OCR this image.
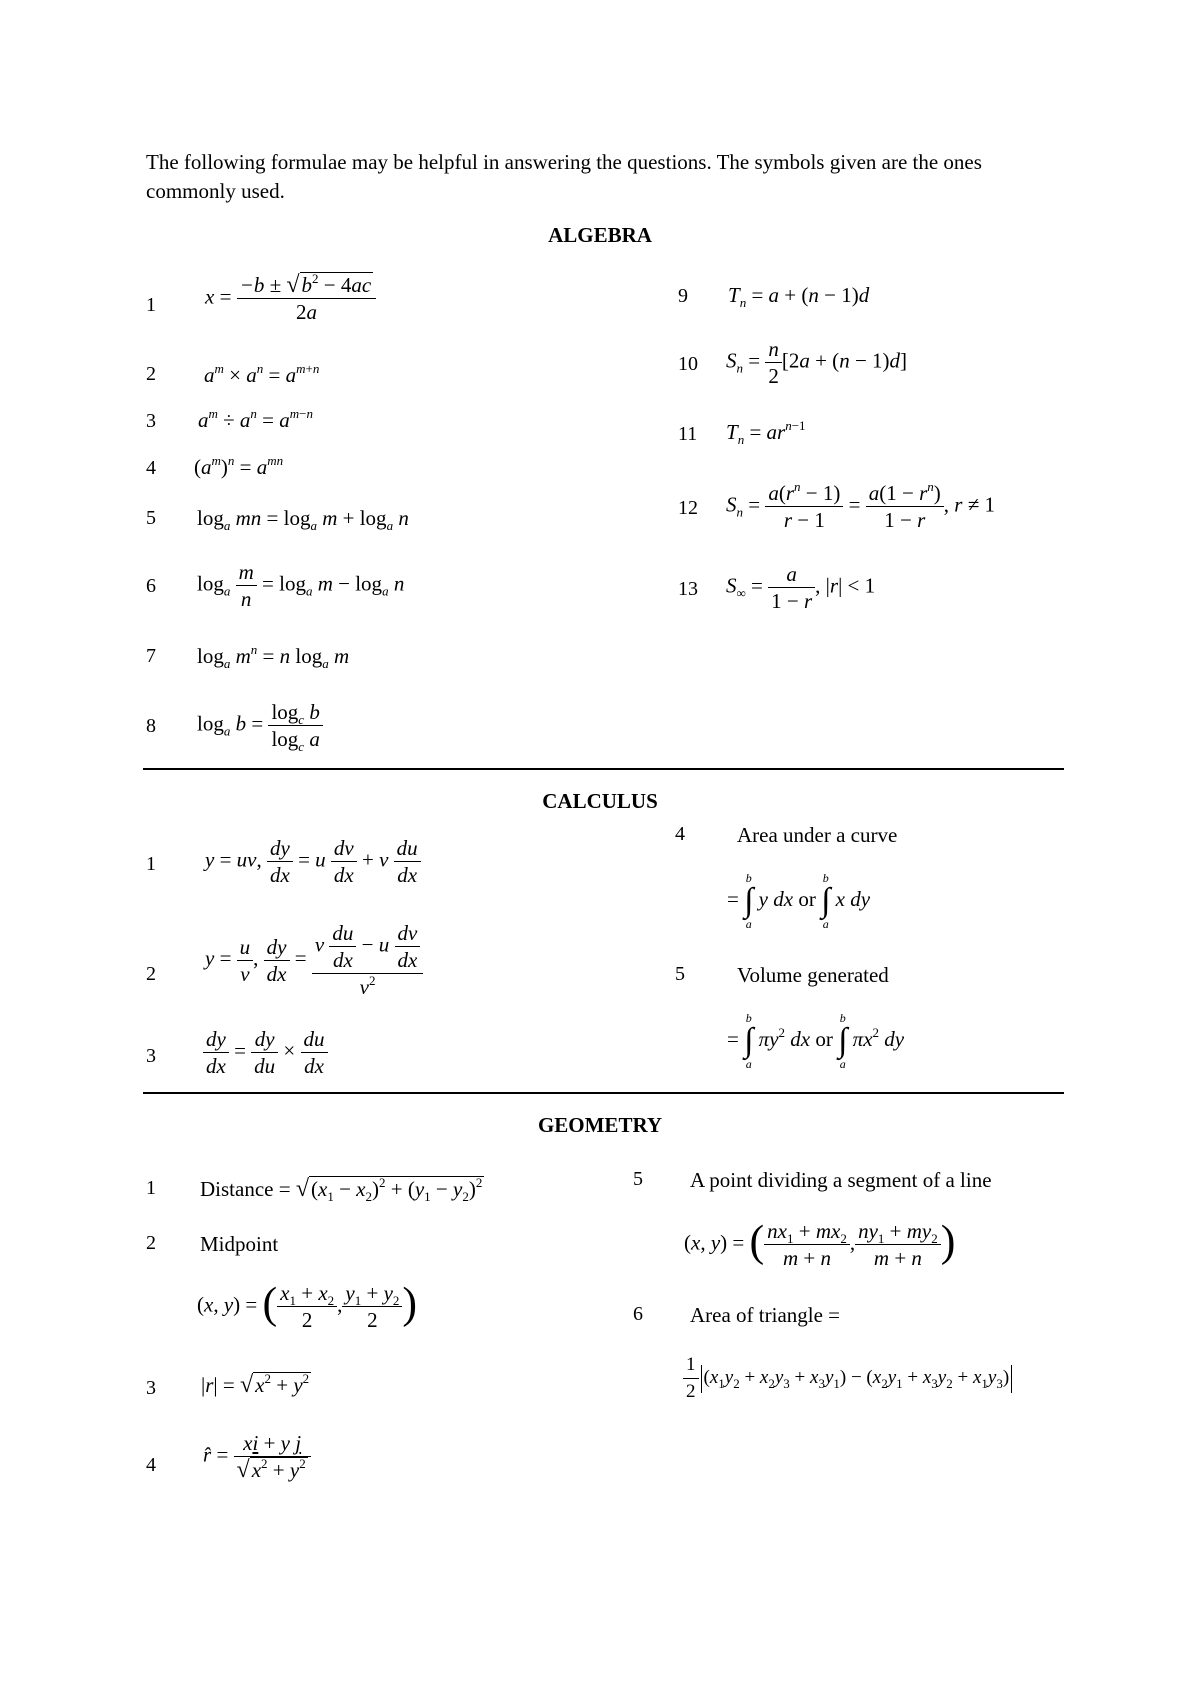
The following formulae may be helpful in answering the questions. The symbols given are the ones commonly used.
ALGEBRA
1 $x = \frac{-b \pm √b^2 - 4ac}{2a}$
2 $a^m \times a^n = a^{m+n}$
3 $a^m \div a^n = a^{m-n}$
4 $(a^m)^n = a^{mn}$
5 $\log_a$ mn = $\log_a m + \log_a n$
6 $\log_a \frac{m}{n} = \log_a m - \log_a n$
7 $\log_a m^n = n$ $\log_a m$
8 $\log_a b = \frac{\log_c b}{\log_c a}$
9 $T_n = a + (n - 1)d$
10 $S_n = \frac{n}{2} [2a + (n - 1)d]$
11 $T_n = ar^{n-1}$
12 $S_n = \frac{a(r^n - 1)}{r - 1} = \frac{a(1 - r^n)}{1 - r}$ , r ≠ 1
13 $S_\infty = \frac{a}{1 - r}$ , |r| < 1
CALCULUS
1 y = uv, $\frac{dy}{dx} = u \frac{dv}{dx} + v \frac{du}{dx}$
2
$y = \frac{u}{v}$ , $\frac{dy}{dx}$ =
v $\frac{du}{dx} - u \frac{dv}{dx}$
$v^2$
$3 \frac{dy}{dx} = \frac{dy}{du} \times \frac{du}{dx}$
4 Area under a curve
=
b
∫
a
y dx or
b
∫
a
x dy
5 Volume generated
=
b
∫
a
$\pi y^2$ dx or
b
∫
a
$\pi x^2$ dy
GEOMETRY
1 Distance = $√(x_1 - x_2)^2 + (y_1 - y_2)^2$
2 Midpoint
(x, y) = ( $\frac{x_1 + x_2}{2}$ , $\frac{y_1 + y_2}{2}$ )
3 $|r| = √x^2 + y^2$
4 r̂ = $\frac{\text{xi + y j}}{√x^2 + y^2}$
5 A point dividing a segment of a line
(x, y) = ( $\frac{nx_1 + mx_2}{m + n}$ , $\frac{ny_1 + my_2}{m + n}$ )
6 Area of triangle =
$\frac{1}{2} (x_1y_2 + x_2y_3 + x_3y_1) - (x_2y_1 + x_3y_2 + x_1y_3)$
